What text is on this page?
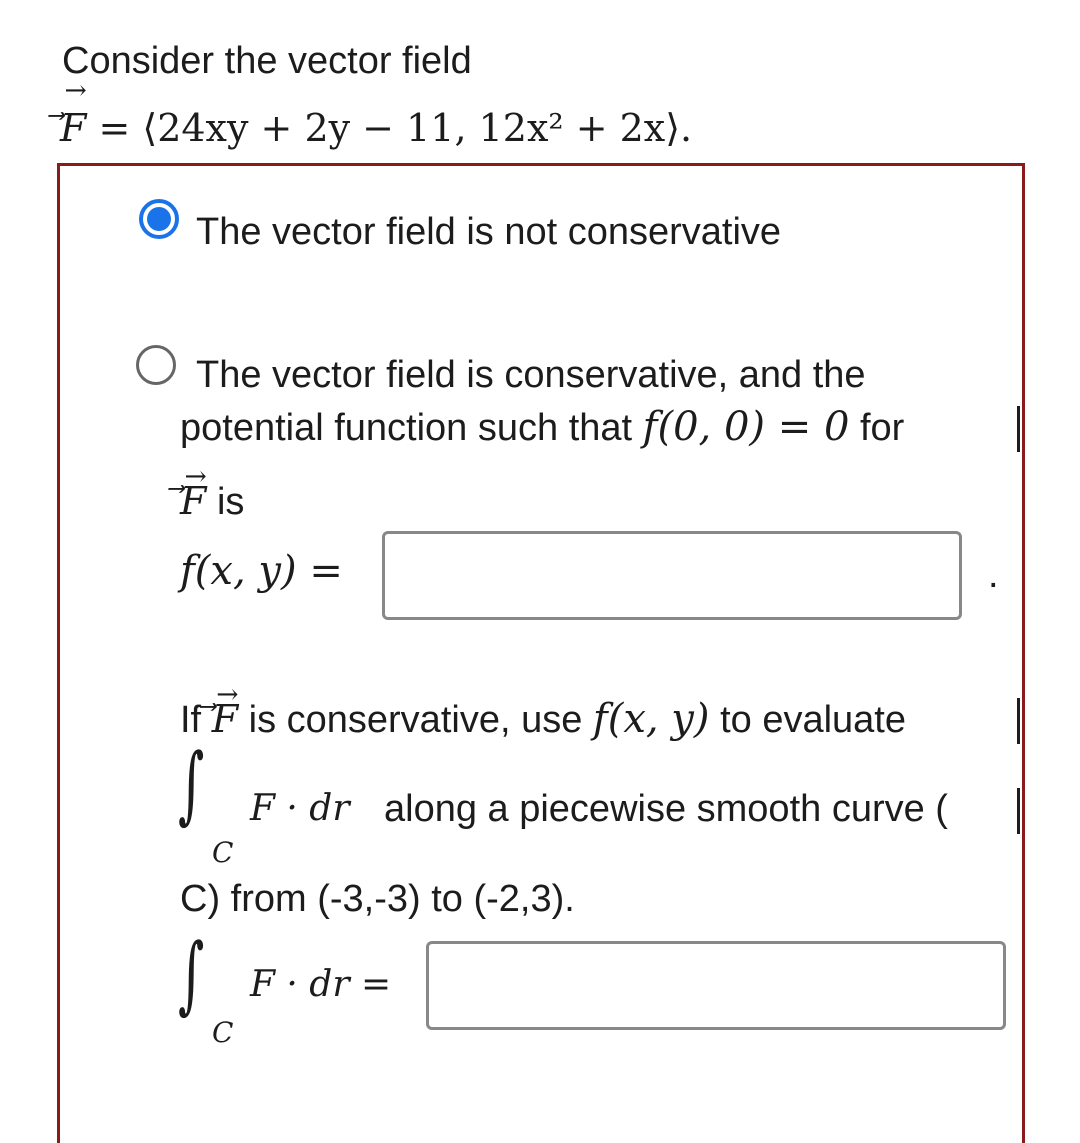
Consider the vector field
→
⃗ F = ⟨24xy + 2y − 11, 12x² + 2x⟩.
The vector field is not conservative
The vector field is conservative, and the
potential function such that f(0, 0) = 0 for
→
⃗ F is
f(x, y) =	.
If
→
⃗ F is conservative, use f(x, y) to evaluate
∫
C
F · dr along a piecewise smooth curve (
C) from (-3,-3) to (-2,3).
∫
C
F · dr =
